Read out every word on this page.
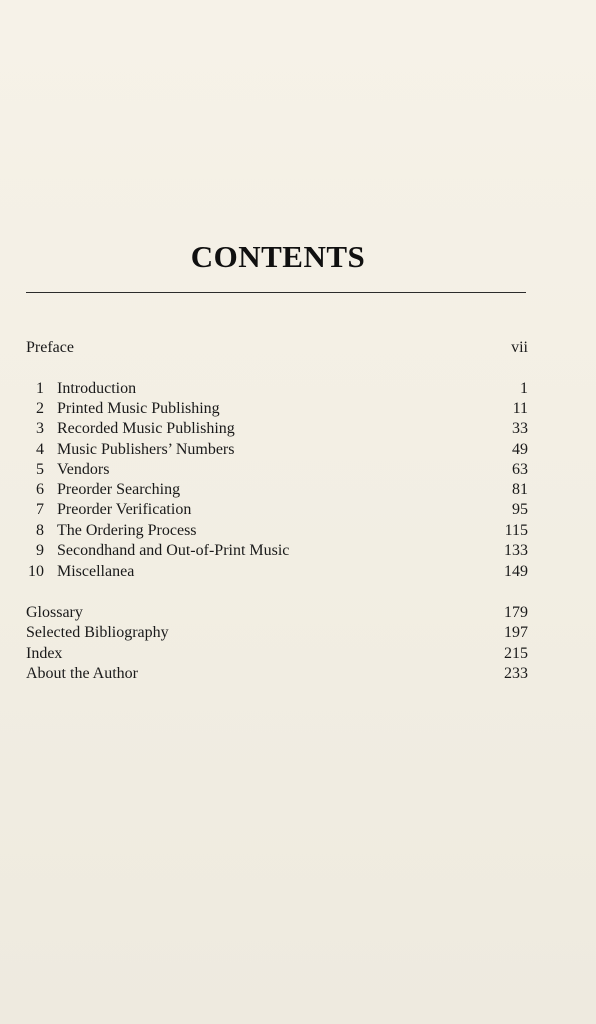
CONTENTS
Preface	vii
1 Introduction	1
2 Printed Music Publishing	11
3 Recorded Music Publishing	33
4 Music Publishers’ Numbers	49
5 Vendors	63
6 Preorder Searching	81
7 Preorder Verification	95
8 The Ordering Process	115
9 Secondhand and Out-of-Print Music	133
10 Miscellanea	149
Glossary	179
Selected Bibliography	197
Index	215
About the Author	233
